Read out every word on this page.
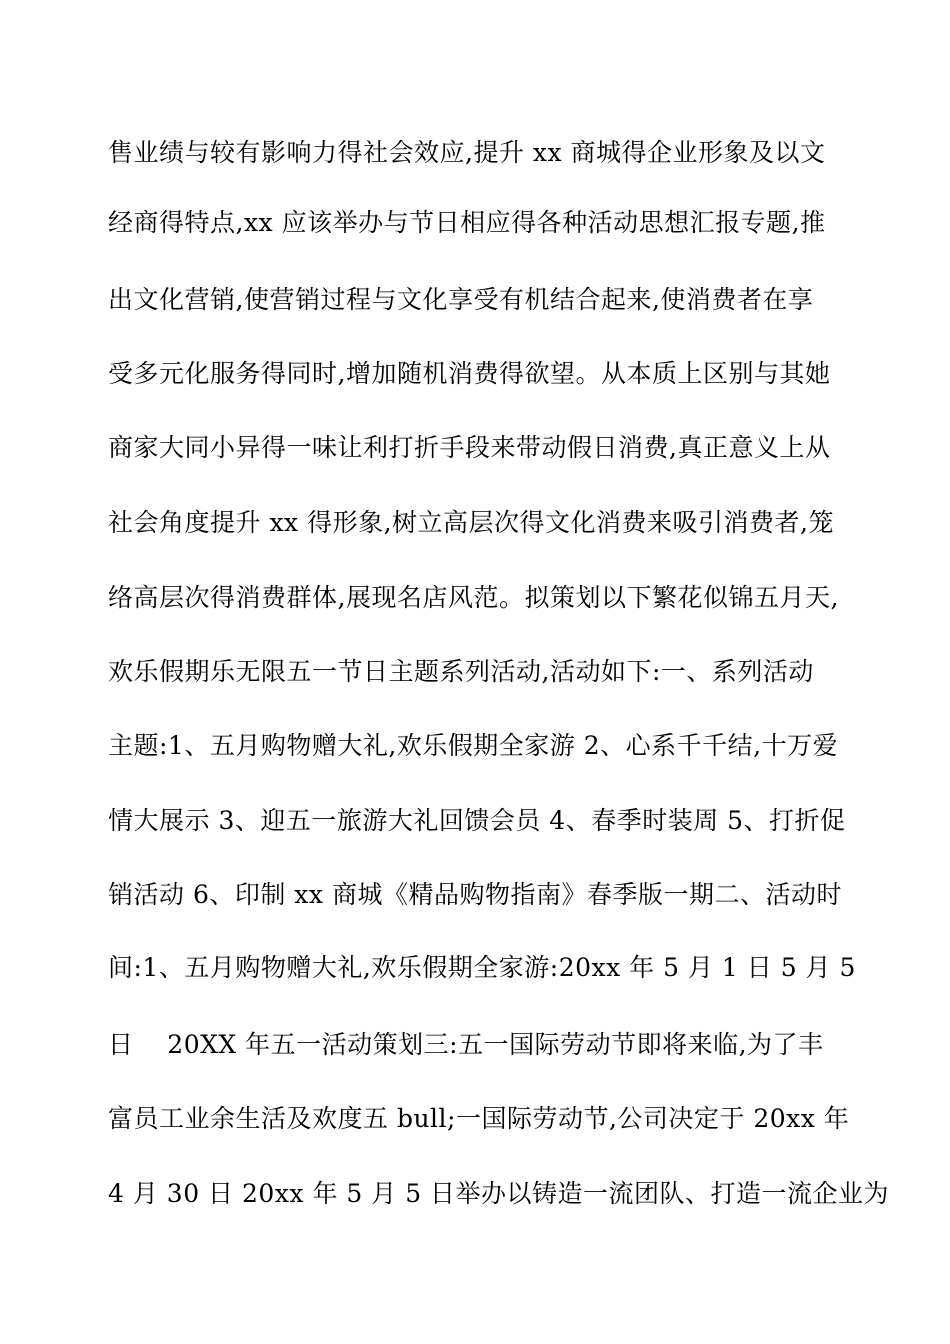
售业绩与较有影响力得社会效应,提升 xx 商城得企业形象及以文
经商得特点,xx 应该举办与节日相应得各种活动思想汇报专题,推
出文化营销,使营销过程与文化享受有机结合起来,使消费者在享
受多元化服务得同时,增加随机消费得欲望。从本质上区别与其她
商家大同小异得一味让利打折手段来带动假日消费,真正意义上从
社会角度提升 xx 得形象,树立高层次得文化消费来吸引消费者,笼
络高层次得消费群体,展现名店风范。拟策划以下繁花似锦五月天,
欢乐假期乐无限五一节日主题系列活动,活动如下:一、系列活动
主题:1、五月购物赠大礼,欢乐假期全家游 2、心系千千结,十万爱
情大展示 3、迎五一旅游大礼回馈会员 4、春季时装周 5、打折促
销活动 6、印制 xx 商城《精品购物指南》春季版一期二、活动时
间:1、五月购物赠大礼,欢乐假期全家游:20xx 年 5 月 1 日 5 月 5
日    20XX 年五一活动策划三:五一国际劳动节即将来临,为了丰
富员工业余生活及欢度五 bull;一国际劳动节,公司决定于 20xx 年
4 月 30 日 20xx 年 5 月 5 日举办以铸造一流团队、打造一流企业为
